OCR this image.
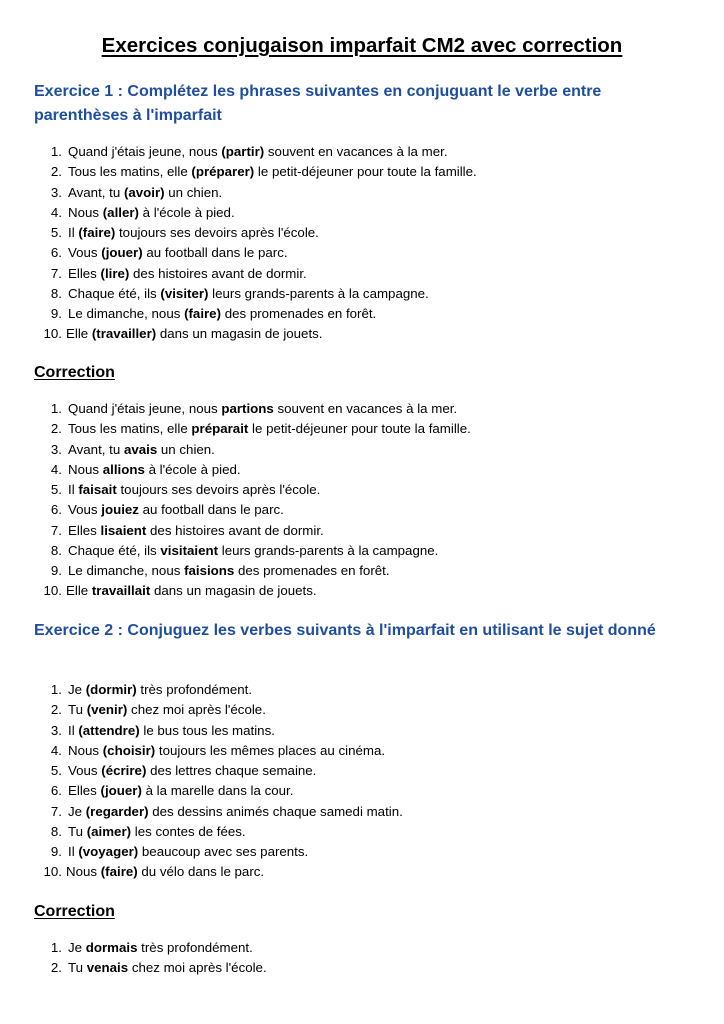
Exercices conjugaison imparfait CM2 avec correction
Exercice 1 : Complétez les phrases suivantes en conjuguant le verbe entre parenthèses à l'imparfait
1. Quand j'étais jeune, nous (partir) souvent en vacances à la mer.
2. Tous les matins, elle (préparer) le petit-déjeuner pour toute la famille.
3. Avant, tu (avoir) un chien.
4. Nous (aller) à l'école à pied.
5. Il (faire) toujours ses devoirs après l'école.
6. Vous (jouer) au football dans le parc.
7. Elles (lire) des histoires avant de dormir.
8. Chaque été, ils (visiter) leurs grands-parents à la campagne.
9. Le dimanche, nous (faire) des promenades en forêt.
10. Elle (travailler) dans un magasin de jouets.
Correction
1. Quand j'étais jeune, nous partions souvent en vacances à la mer.
2. Tous les matins, elle préparait le petit-déjeuner pour toute la famille.
3. Avant, tu avais un chien.
4. Nous allions à l'école à pied.
5. Il faisait toujours ses devoirs après l'école.
6. Vous jouiez au football dans le parc.
7. Elles lisaient des histoires avant de dormir.
8. Chaque été, ils visitaient leurs grands-parents à la campagne.
9. Le dimanche, nous faisions des promenades en forêt.
10. Elle travaillait dans un magasin de jouets.
Exercice 2 : Conjuguez les verbes suivants à l'imparfait en utilisant le sujet donné
1. Je (dormir) très profondément.
2. Tu (venir) chez moi après l'école.
3. Il (attendre) le bus tous les matins.
4. Nous (choisir) toujours les mêmes places au cinéma.
5. Vous (écrire) des lettres chaque semaine.
6. Elles (jouer) à la marelle dans la cour.
7. Je (regarder) des dessins animés chaque samedi matin.
8. Tu (aimer) les contes de fées.
9. Il (voyager) beaucoup avec ses parents.
10. Nous (faire) du vélo dans le parc.
Correction
1. Je dormais très profondément.
2. Tu venais chez moi après l'école.
